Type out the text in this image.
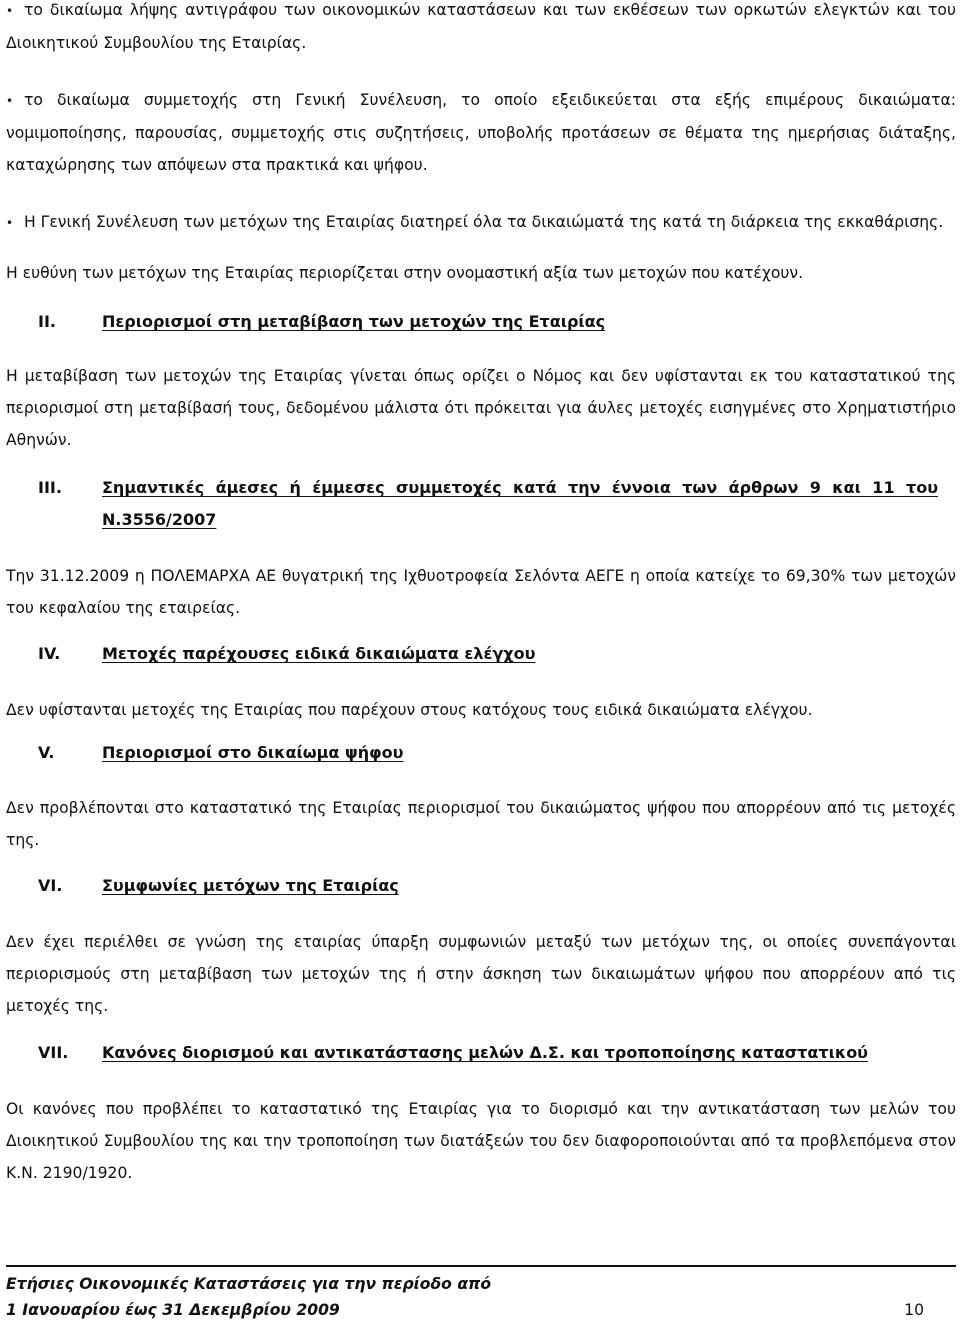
• το δικαίωμα λήψης αντιγράφου των οικονομικών καταστάσεων και των εκθέσεων των ορκωτών ελεγκτών και του Διοικητικού Συμβουλίου της Εταιρίας.

• το δικαίωμα συμμετοχής στη Γενική Συνέλευση, το οποίο εξειδικεύεται στα εξής επιμέρους δικαιώματα: νομιμοποίησης, παρουσίας, συμμετοχής στις συζητήσεις, υποβολής προτάσεων σε θέματα της ημερήσιας διάταξης, καταχώρησης των απόψεων στα πρακτικά και ψήφου.

• Η Γενική Συνέλευση των μετόχων της Εταιρίας διατηρεί όλα τα δικαιώματά της κατά τη διάρκεια της εκκαθάρισης.

Η ευθύνη των μετόχων της Εταιρίας περιορίζεται στην ονομαστική αξία των μετοχών που κατέχουν.

II.	Περιορισμοί στη μεταβίβαση των μετοχών της Εταιρίας

Η μεταβίβαση των μετοχών της Εταιρίας γίνεται όπως ορίζει ο Νόμος και δεν υφίστανται εκ του καταστατικού της περιορισμοί στη μεταβίβασή τους, δεδομένου μάλιστα ότι πρόκειται για άυλες μετοχές εισηγμένες στο Χρηματιστήριο Αθηνών.

III.	Σημαντικές άμεσες ή έμμεσες συμμετοχές κατά την έννοια των άρθρων 9 και 11 του
Ν.3556/2007

Την 31.12.2009 η ΠΟΛΕΜΑΡΧΑ ΑΕ θυγατρική της Ιχθυοτροφεία Σελόντα ΑΕΓΕ η οποία κατείχε το 69,30% των μετοχών του κεφαλαίου της εταιρείας.

IV.	Μετοχές παρέχουσες ειδικά δικαιώματα ελέγχου

Δεν υφίστανται μετοχές της Εταιρίας που παρέχουν στους κατόχους τους ειδικά δικαιώματα ελέγχου.

V.	Περιορισμοί στο δικαίωμα ψήφου

Δεν προβλέπονται στο καταστατικό της Εταιρίας περιορισμοί του δικαιώματος ψήφου που απορρέουν από τις μετοχές της.

VI.	Συμφωνίες μετόχων της Εταιρίας

Δεν έχει περιέλθει σε γνώση της εταιρίας ύπαρξη συμφωνιών μεταξύ των μετόχων της, οι οποίες συνεπάγονται περιορισμούς στη μεταβίβαση των μετοχών της ή στην άσκηση των δικαιωμάτων ψήφου που απορρέουν από τις μετοχές της.

VII.	Κανόνες διορισμού και αντικατάστασης μελών Δ.Σ. και τροποποίησης καταστατικού

Οι κανόνες που προβλέπει το καταστατικό της Εταιρίας για το διορισμό και την αντικατάσταση των μελών του Διοικητικού Συμβουλίου της και την τροποποίηση των διατάξεών του δεν διαφοροποιούνται από τα προβλεπόμενα στον Κ.Ν. 2190/1920.

Ετήσιες Οικονομικές Καταστάσεις για την περίοδο από
1 Ιανουαρίου έως 31 Δεκεμβρίου 2009	10
